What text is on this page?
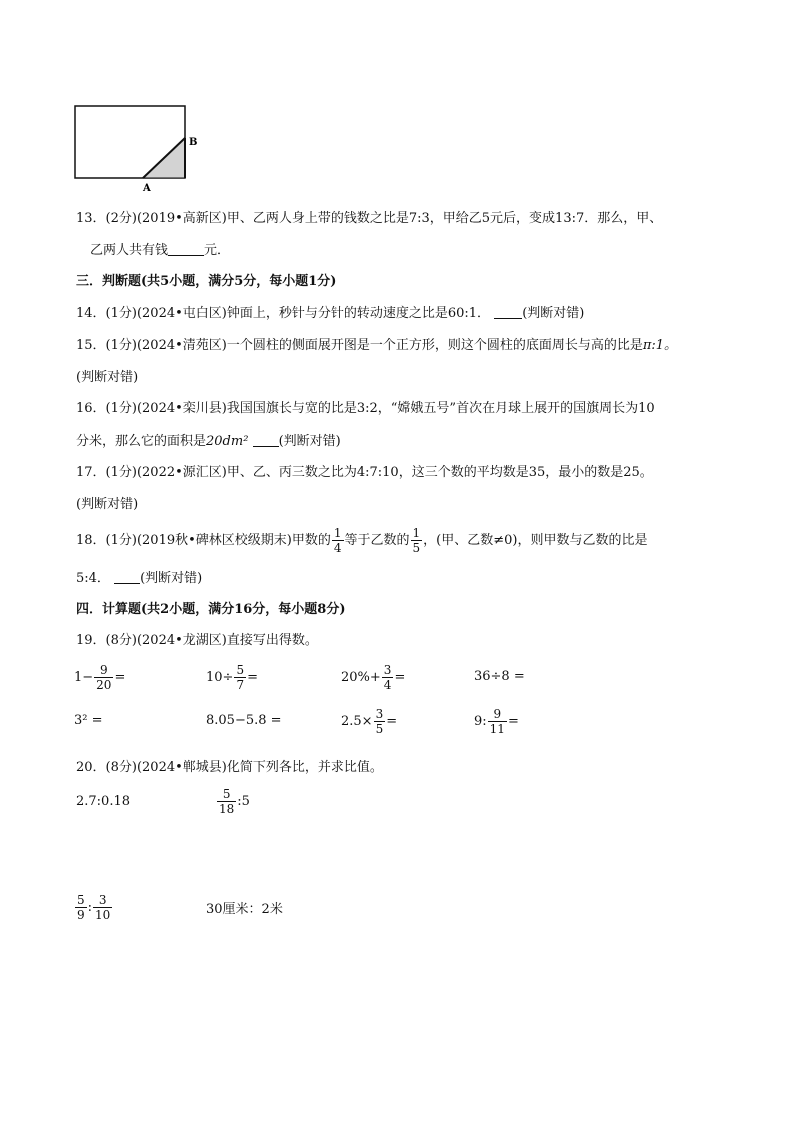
B
A
13．(2分)(2019•高新区)甲、乙两人身上带的钱数之比是7:3，甲给乙5元后，变成13:7．那么，甲、
乙两人共有钱	元．
三．判断题(共5小题，满分5分，每小题1分)
14．(1分)(2024•屯白区)钟面上，秒针与分针的转动速度之比是60:1． (判断对错)
15．(1分)(2024•清苑区)一个圆柱的侧面展开图是一个正方形，则这个圆柱的底面周长与高的比是π:1。
(判断对错)
16．(1分)(2024•栾川县)我国国旗长与宽的比是3:2，“嫦娥五号”首次在月球上展开的国旗周长为10
分米，那么它的面积是20dm² (判断对错)
17．(1分)(2022•源汇区)甲、乙、丙三数之比为4:7:10，这三个数的平均数是35，最小的数是25。
(判断对错)
18．(1分)(2019秋•碑林区校级期末)甲数的 $\frac{1}{4}$ 等于乙数的 $\frac{1}{5}$ ，(甲、乙数≠0)，则甲数与乙数的比是
5:4． (判断对错)
四．计算题(共2小题，满分16分，每小题8分)
19．(8分)(2024•龙湖区)直接写出得数。
$1- \frac{9}{20}$ =	$10\div \frac{5}{7}$ =	$20\%+ \frac{3}{4}$ =	36÷8 =
3² =	8.05−5.8 =	$2.5\times \frac{3}{5}$ =	9: $\frac{9}{11}$ =
20．(8分)(2024•郸城县)化简下列各比，并求比值。
2.7:0.18	$\frac{5}{18}$ :5
$\frac{5}{9}$ : $\frac{3}{10}$	30厘米：2米
